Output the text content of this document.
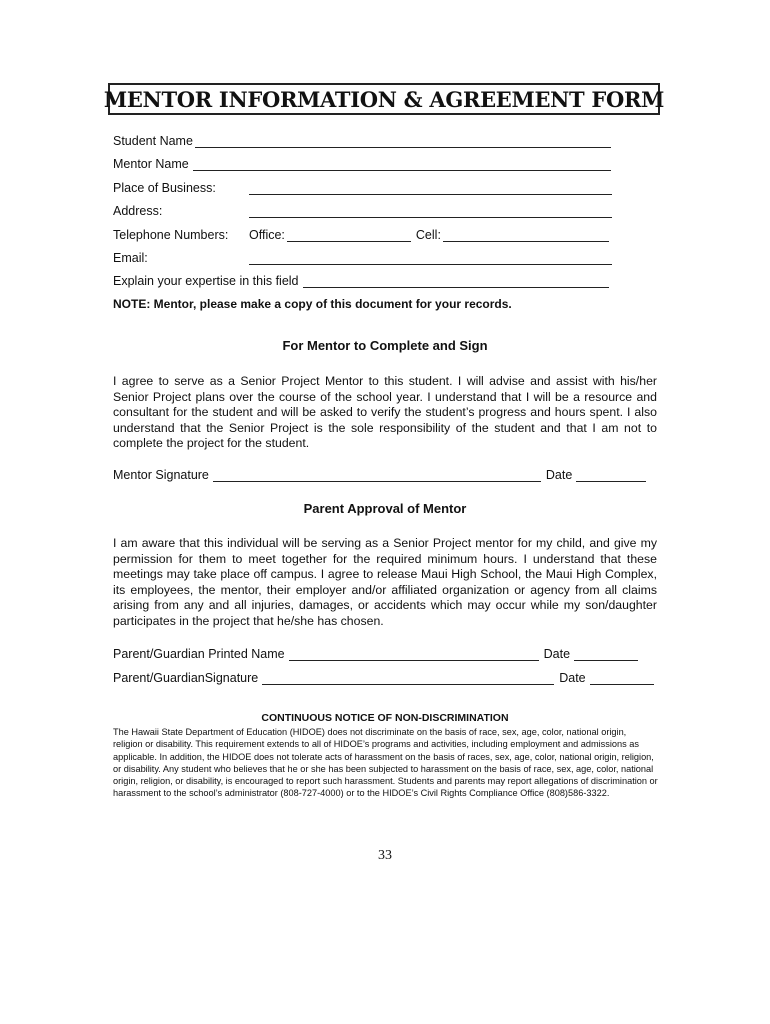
MENTOR INFORMATION & AGREEMENT FORM
Student Name
Mentor Name
Place of Business:
Address:
Telephone Numbers:	Office:	Cell:
Email:
Explain your expertise in this field
NOTE: Mentor, please make a copy of this document for your records.
For Mentor to Complete and Sign

I agree to serve as a Senior Project Mentor to this student. I will advise and assist with his/her Senior Project plans over the course of the school year. I understand that I will be a resource and consultant for the student and will be asked to verify the student’s progress and hours spent. I also understand that the Senior Project is the sole responsibility of the student and that I am not to complete the project for the student.

Mentor Signature	Date
Parent Approval of Mentor

I am aware that this individual will be serving as a Senior Project mentor for my child, and give my permission for them to meet together for the required minimum hours. I understand that these meetings may take place off campus. I agree to release Maui High School, the Maui High Complex, its employees, the mentor, their employer and/or affiliated organization or agency from all claims arising from any and all injuries, damages, or accidents which may occur while my son/daughter participates in the project that he/she has chosen.

Parent/Guardian Printed Name	Date
Parent/GuardianSignature	Date
CONTINUOUS NOTICE OF NON-DISCRIMINATION

The Hawaii State Department of Education (HIDOE) does not discriminate on the basis of race, sex, age, color, national origin, religion or disability. This requirement extends to all of HIDOE’s programs and activities, including employment and admissions as applicable. In addition, the HIDOE does not tolerate acts of harassment on the basis of races, sex, age, color, national origin, religion, or disability. Any student who believes that he or she has been subjected to harassment on the basis of race, sex, age, color, national origin, religion, or disability, is encouraged to report such harassment. Students and parents may report allegations of discrimination or harassment to the school’s administrator (808-727-4000) or to the HIDOE’s Civil Rights Compliance Office (808)586-3322.

33
